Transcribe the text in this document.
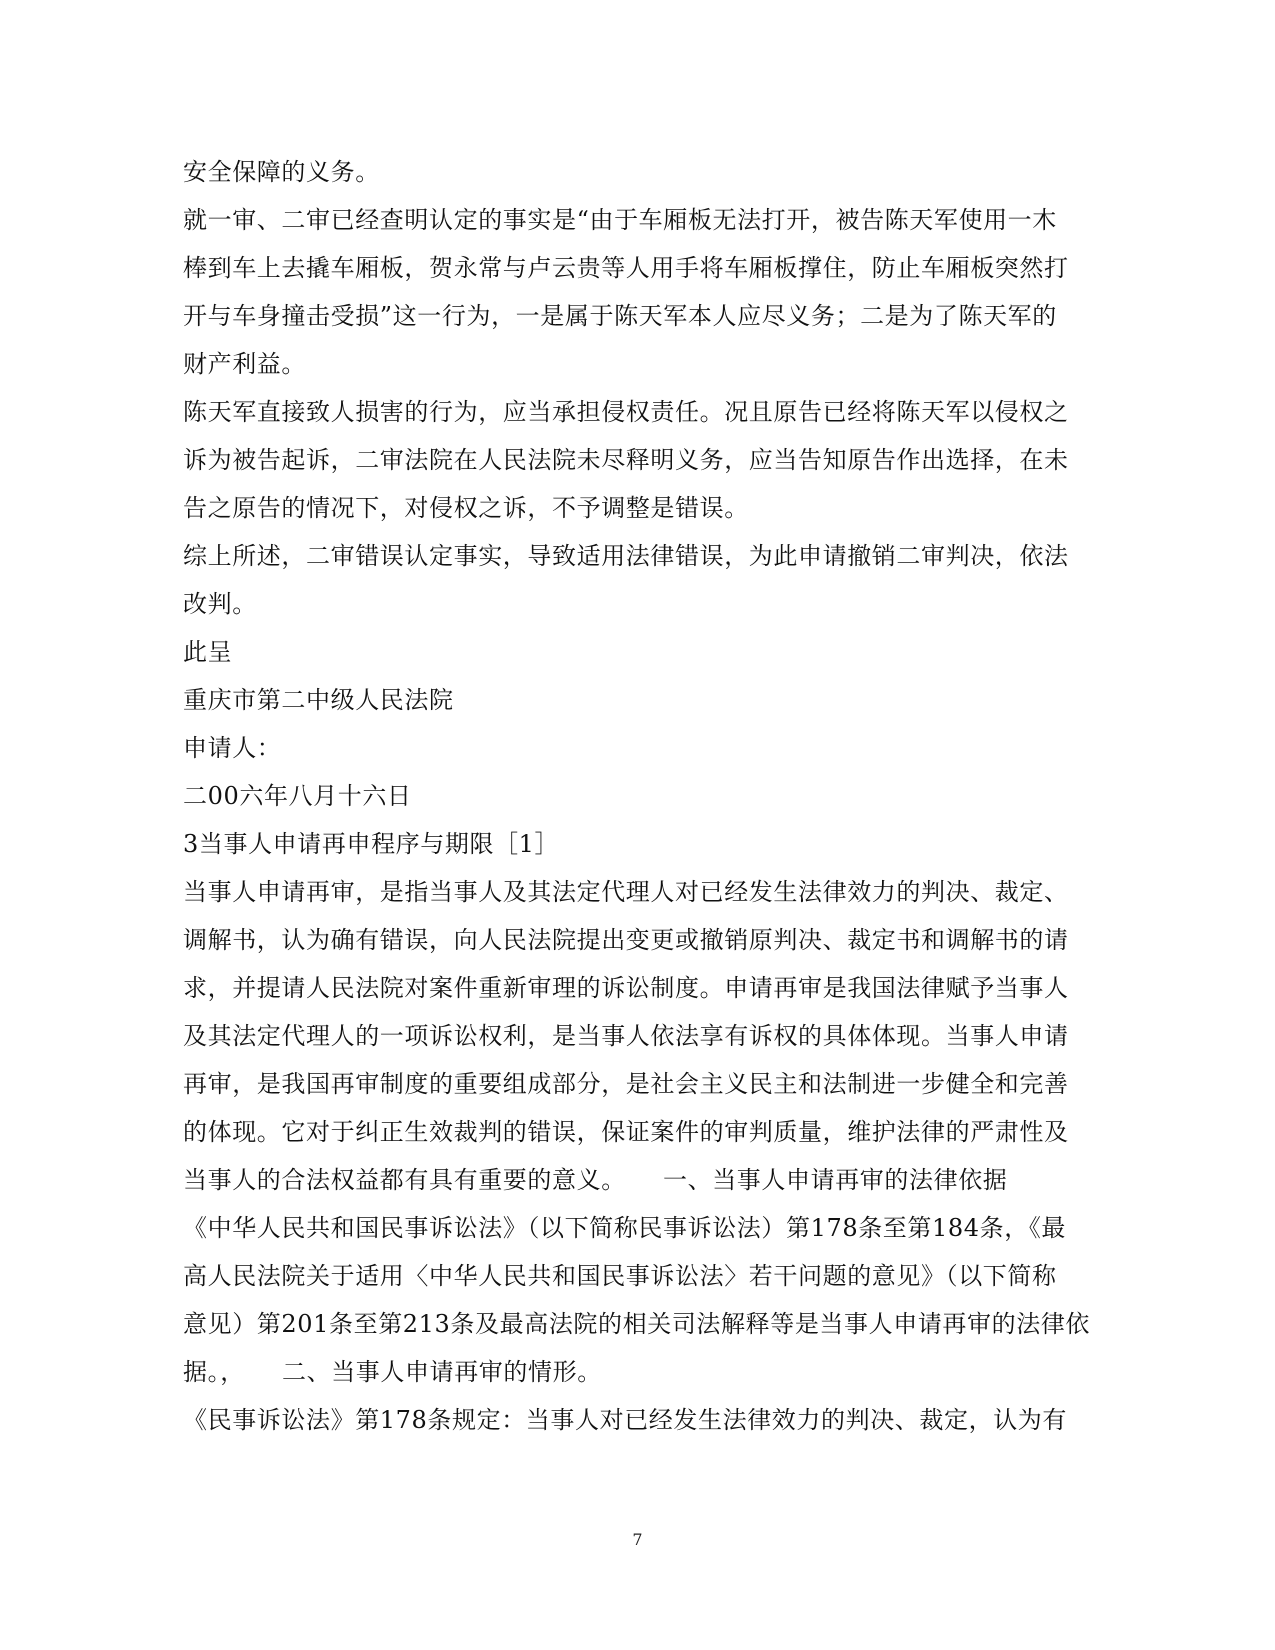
安全保障的义务。
就一审、二审已经查明认定的事实是“由于车厢板无法打开，被告陈天军使用一木
棒到车上去撬车厢板，贺永常与卢云贵等人用手将车厢板撑住，防止车厢板突然打
开与车身撞击受损”这一行为，一是属于陈天军本人应尽义务；二是为了陈天军的
财产利益。
陈天军直接致人损害的行为，应当承担侵权责任。况且原告已经将陈天军以侵权之
诉为被告起诉，二审法院在人民法院未尽释明义务，应当告知原告作出选择，在未
告之原告的情况下，对侵权之诉，不予调整是错误。
综上所述，二审错误认定事实，导致适用法律错误，为此申请撤销二审判决，依法
改判。
此呈
重庆市第二中级人民法院
申请人：
二00六年八月十六日
3当事人申请再申程序与期限［1］
当事人申请再审，是指当事人及其法定代理人对已经发生法律效力的判决、裁定、
调解书，认为确有错误，向人民法院提出变更或撤销原判决、裁定书和调解书的请
求，并提请人民法院对案件重新审理的诉讼制度。申请再审是我国法律赋予当事人
及其法定代理人的一项诉讼权利，是当事人依法享有诉权的具体体现。当事人申请
再审，是我国再审制度的重要组成部分，是社会主义民主和法制进一步健全和完善
的体现。它对于纠正生效裁判的错误，保证案件的审判质量，维护法律的严肃性及
当事人的合法权益都有具有重要的意义。　　一、当事人申请再审的法律依据
《中华人民共和国民事诉讼法》（以下简称民事诉讼法）第178条至第184条，《最
高人民法院关于适用〈中华人民共和国民事诉讼法〉若干问题的意见》（以下简称
意见）第201条至第213条及最高法院的相关司法解释等是当事人申请再审的法律依
据。，　　二、当事人申请再审的情形。
《民事诉讼法》第178条规定：当事人对已经发生法律效力的判决、裁定，认为有
7
